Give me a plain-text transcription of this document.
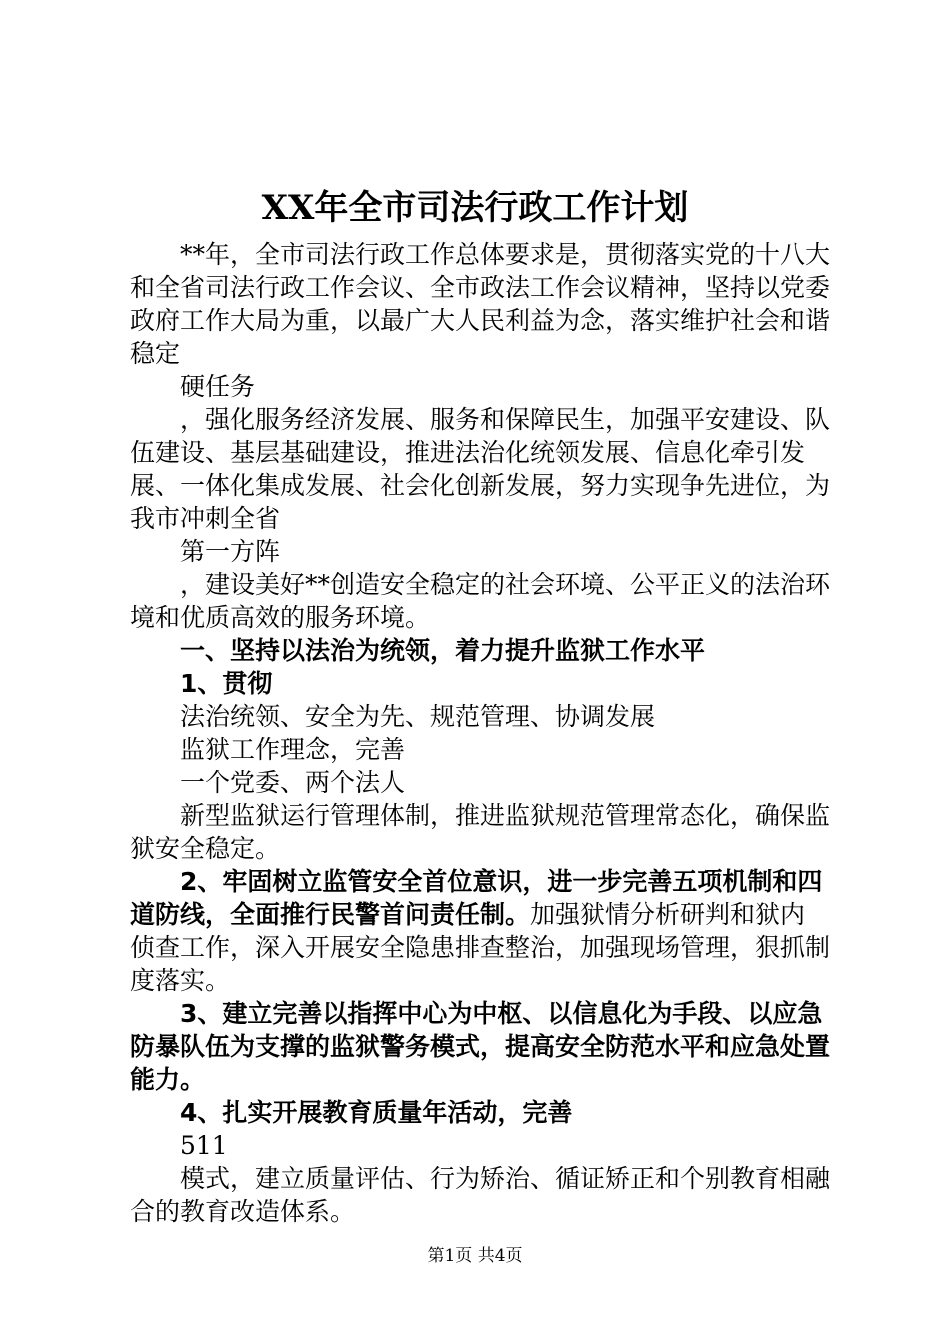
XX年全市司法行政工作计划

**年，全市司法行政工作总体要求是，贯彻落实党的十八大和全省司法行政工作会议、全市政法工作会议精神，坚持以党委政府工作大局为重，以最广大人民利益为念，落实维护社会和谐稳定

硬任务

，强化服务经济发展、服务和保障民生，加强平安建设、队伍建设、基层基础建设，推进法治化统领发展、信息化牵引发展、一体化集成发展、社会化创新发展，努力实现争先进位，为我市冲刺全省

第一方阵

，建设美好**创造安全稳定的社会环境、公平正义的法治环境和优质高效的服务环境。

一、坚持以法治为统领，着力提升监狱工作水平

1、贯彻

法治统领、安全为先、规范管理、协调发展

监狱工作理念，完善

一个党委、两个法人

新型监狱运行管理体制，推进监狱规范管理常态化，确保监狱安全稳定。

2、牢固树立监管安全首位意识，进一步完善五项机制和四道防线，全面推行民警首问责任制。加强狱情分析研判和狱内侦查工作，深入开展安全隐患排查整治，加强现场管理，狠抓制度落实。

3、建立完善以指挥中心为中枢、以信息化为手段、以应急防暴队伍为支撑的监狱警务模式，提高安全防范水平和应急处置能力。

4、扎实开展教育质量年活动，完善

511

模式，建立质量评估、行为矫治、循证矫正和个别教育相融合的教育改造体系。

第1页 共4页
